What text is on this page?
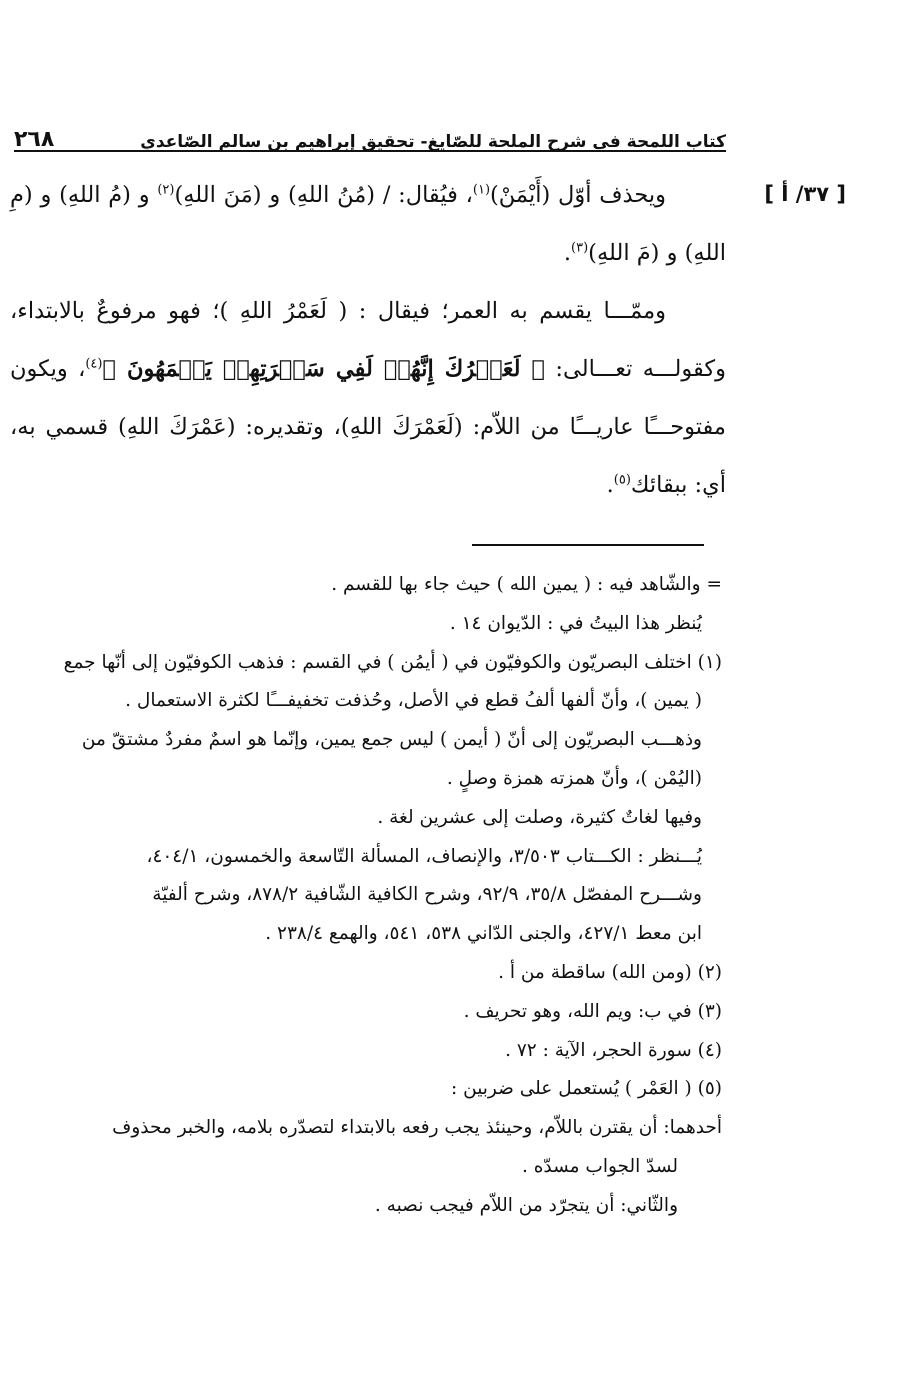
كتاب اللمحة في شرح الملحة للصّايغ- تحقيق إبراهيم بن سالم الصّاعدي
٢٦٨
[ ٣٧/ أ ]

ويحذف أوّل (أَيْمَنْ)$^{(١)}$، فيُقال: / (مُنُ اللهِ) و (مَنَ اللهِ)$^{(٢)}$ و (مُ اللهِ) و (مِ اللهِ) و (مَ اللهِ)$^{(٣)}$.

وممّـــا يقسم به العمر؛ فيقال : ( لَعَمْرُ اللهِ )؛ فهو مرفوعٌ بالابتداء، وكقولـــه تعـــالى: ﴿ لَعَمۡرُكَ إِنَّهُمۡ لَفِي سَكۡرَتِهِمۡ يَعۡمَهُونَ ﴾$^{(٤)}$، ويكون مفتوحـــًا عاريـــًا من اللاّم: (لَعَمْرَكَ اللهِ)، وتقديره: (عَمْرَكَ اللهِ) قسمي به، أي: ببقائك$^{(٥)}$.

= والشّاهد فيه : ( يمين الله ) حيث جاء بها للقسم .
يُنظر هذا البيتُ في : الدّيوان ١٤ .
(١) اختلف البصريّون والكوفيّون في ( أيمُن ) في القسم : فذهب الكوفيّون إلى أنّها جمع
( يمين )، وأنّ ألفها ألفُ قطع في الأصل، وحُذفت تخفيفـــًا لكثرة الاستعمال .
وذهـــب البصريّون إلى أنّ ( أيمن ) ليس جمع يمين، وإنّما هو اسمٌ مفردٌ مشتقّ من
(اليُمْن )، وأنّ همزته همزة وصلٍ .
وفيها لغاتٌ كثيرة، وصلت إلى عشرين لغة .
يُـــنظر : الكـــتاب ٣/٥٠٣، والإنصاف، المسألة التّاسعة والخمسون، ٤٠٤/١،
وشـــرح المفصّل ٣٥/٨، ٩٢/٩، وشرح الكافية الشّافية ٨٧٨/٢، وشرح ألفيّة
ابن معط ٤٢٧/١، والجنى الدّاني ٥٣٨، ٥٤١، والهمع ٢٣٨/٤ .
(٢) (ومن الله) ساقطة من أ .
(٣) في ب: ويم الله، وهو تحريف .
(٤) سورة الحجر، الآية : ٧٢ .
(٥) ( العَمْر ) يُستعمل على ضربين :
أحدهما: أن يقترن باللاّم، وحينئذ يجب رفعه بالابتداء لتصدّره بلامه، والخبر محذوف
لسدّ الجواب مسدّه .
والثّاني: أن يتجرّد من اللاّم فيجب نصبه .
